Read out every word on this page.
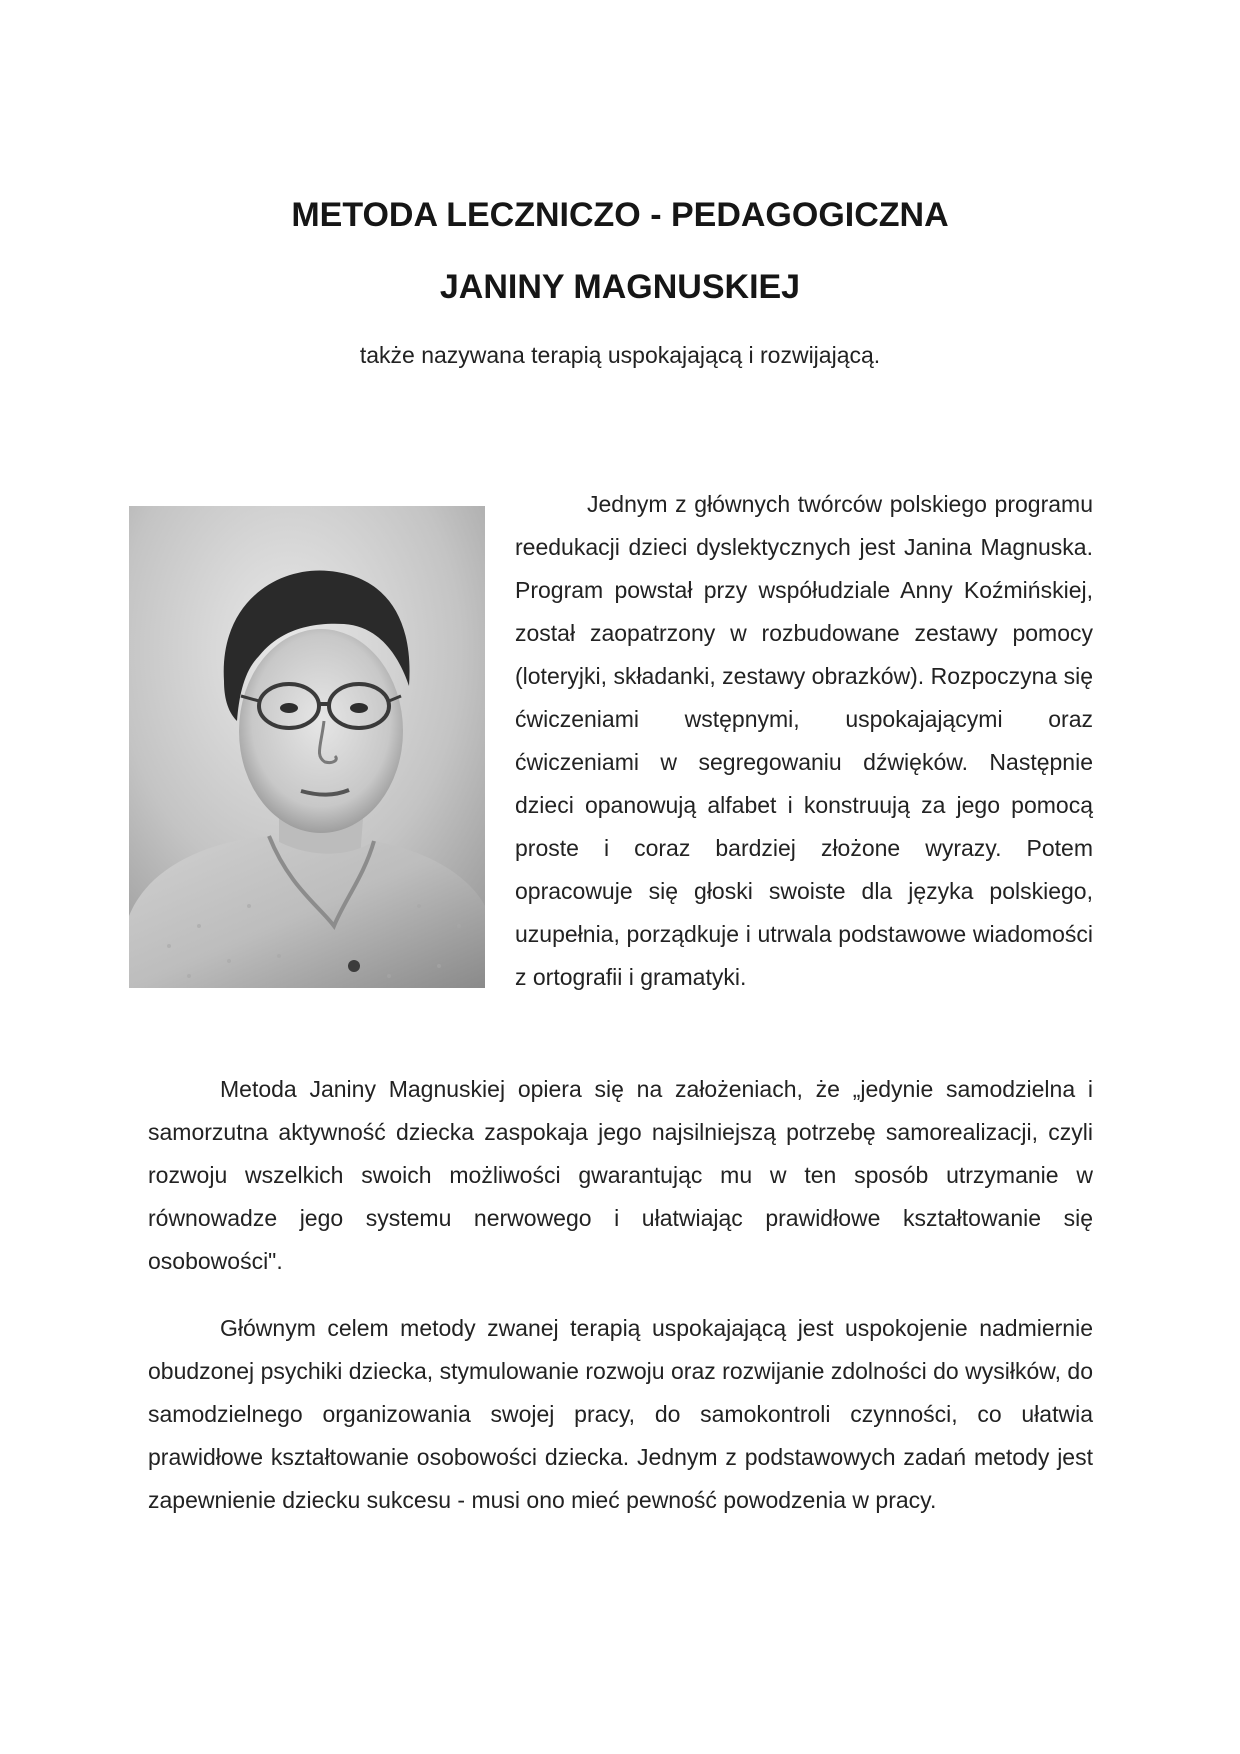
METODA LECZNICZO - PEDAGOGICZNA
JANINY MAGNUSKIEJ

także nazywana terapią uspokajającą i rozwijającą.

Jednym z głównych twórców polskiego programu reedukacji dzieci dyslektycznych jest Janina Magnuska. Program powstał przy współudziale Anny Koźmińskiej, został zaopatrzony w rozbudowane zestawy pomocy (loteryjki, składanki, zestawy obrazków). Rozpoczyna się ćwiczeniami wstępnymi, uspokajającymi oraz ćwiczeniami w segregowaniu dźwięków. Następnie dzieci opanowują alfabet i konstruują za jego pomocą proste i coraz bardziej złożone wyrazy. Potem opracowuje się głoski swoiste dla języka polskiego, uzupełnia, porządkuje i utrwala podstawowe wiadomości z ortografii i gramatyki.

Metoda Janiny Magnuskiej opiera się na założeniach, że „jedynie samodzielna i samorzutna aktywność dziecka zaspokaja jego najsilniejszą potrzebę samorealizacji, czyli rozwoju wszelkich swoich możliwości gwarantując mu w ten sposób utrzymanie w równowadze jego systemu nerwowego i ułatwiając prawidłowe kształtowanie się osobowości".

Głównym celem metody zwanej terapią uspokajającą jest uspokojenie nadmiernie obudzonej psychiki dziecka, stymulowanie rozwoju oraz rozwijanie zdolności do wysiłków, do samodzielnego organizowania swojej pracy, do samokontroli czynności, co ułatwia prawidłowe kształtowanie osobowości dziecka. Jednym z podstawowych zadań metody jest zapewnienie dziecku sukcesu - musi ono mieć pewność powodzenia w pracy.
